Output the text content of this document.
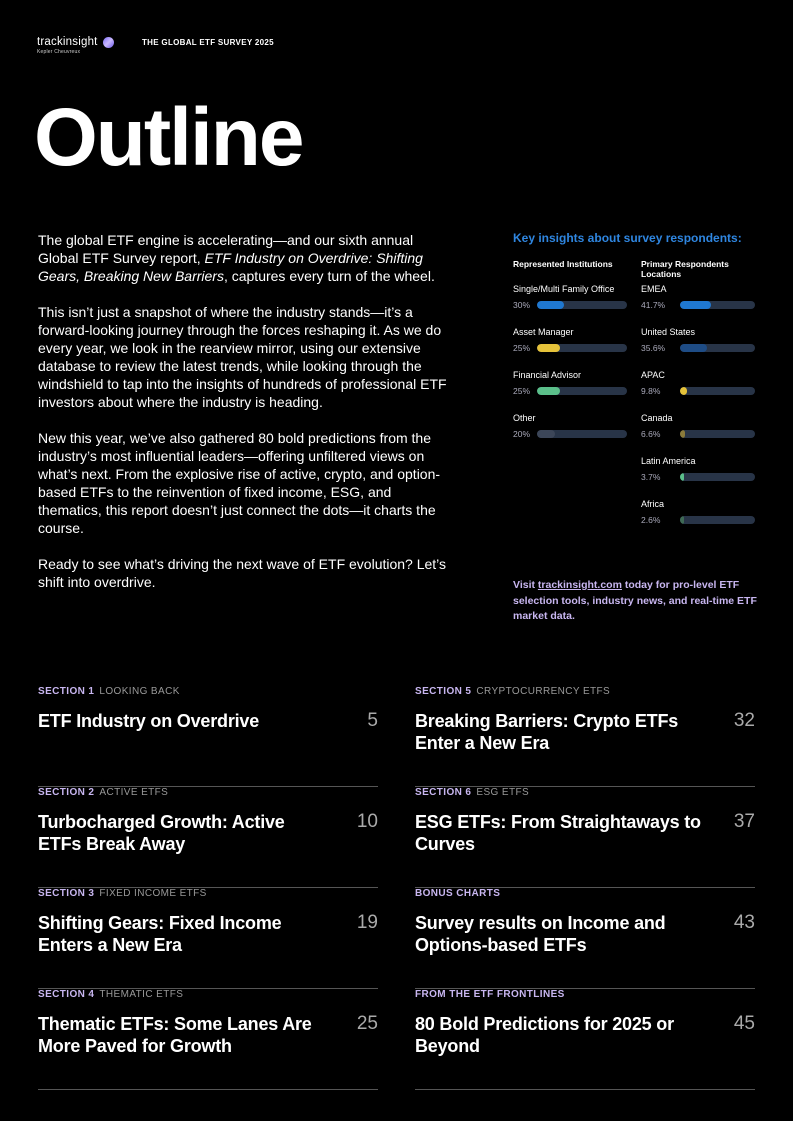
trackinsight
Kepler Cheuvreux
THE GLOBAL ETF SURVEY 2025
Outline

The global ETF engine is accelerating—and our sixth annual Global ETF Survey report, ETF Industry on Overdrive: Shifting Gears, Breaking New Barriers, captures every turn of the wheel.

This isn’t just a snapshot of where the industry stands—it’s a forward-looking journey through the forces reshaping it. As we do every year, we look in the rearview mirror, using our extensive database to review the latest trends, while looking through the windshield to tap into the insights of hundreds of professional ETF investors about where the industry is heading.

New this year, we’ve also gathered 80 bold predictions from the industry’s most influential leaders—offering unfiltered views on what’s next. From the explosive rise of active, crypto, and option-based ETFs to the reinvention of fixed income, ESG, and thematics, this report doesn’t just connect the dots—it charts the course.

Ready to see what’s driving the next wave of ETF evolution? Let’s shift into overdrive.

Key insights about survey respondents:
Represented Institutions
Single/Multi Family Office
30%
Asset Manager
25%
Financial Advisor
25%
Other
20%
Primary Respondents Locations
EMEA
41.7%
United States
35.6%
APAC
9.8%
Canada
6.6%
Latin America
3.7%
Africa
2.6%
Visit trackinsight.com today for pro-level ETF selection tools, industry news, and real-time ETF market data.
SECTION 1 LOOKING BACK
ETF Industry on Overdrive	5
SECTION 2 ACTIVE ETFS
Turbocharged Growth: Active ETFs Break Away
10
SECTION 3 FIXED INCOME ETFS
Shifting Gears: Fixed Income Enters a New Era
19
SECTION 4 THEMATIC ETFS
Thematic ETFs: Some Lanes Are More Paved for Growth
25
SECTION 5 CRYPTOCURRENCY ETFS
Breaking Barriers: Crypto ETFs Enter a New Era
32
SECTION 6 ESG ETFS
ESG ETFs: From Straightaways to Curves
37
BONUS CHARTS
Survey results on Income and Options-based ETFs
43
FROM THE ETF FRONTLINES
80 Bold Predictions for 2025 or Beyond
45
